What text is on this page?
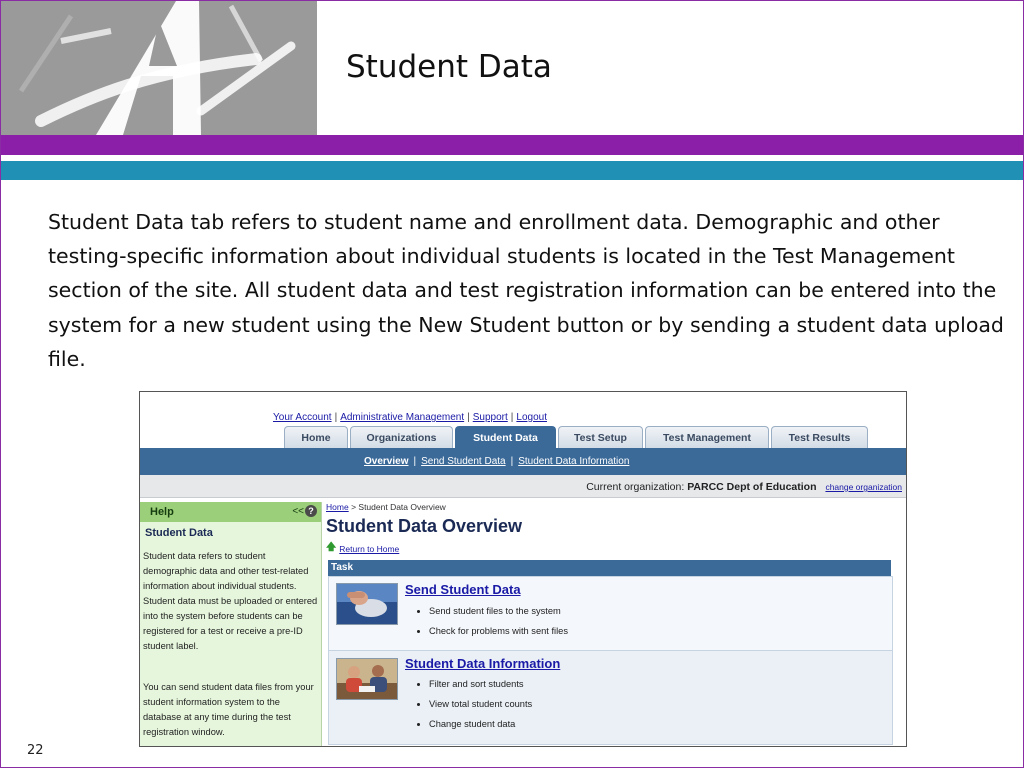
Student Data

Student Data tab refers to student name and enrollment data. Demographic and other testing-specific information about individual students is located in the Test Management section of the site. All student data and test registration information can be entered into the system for a new student using the New Student button or by sending a student data upload file.

Your Account | Administrative Management | Support | Logout
Home	Organizations	Student Data	Test Setup	Test Management	Test Results
Overview | Send Student Data | Student Data Information
Current organization: PARCC Dept of Education change organization
Help	<< ?
Student Data

Student data refers to student demographic data and other test-related information about individual students. Student data must be uploaded or entered into the system before students can be registered for a test or receive a pre-ID student label.

You can send student data files from your student information system to the database at any time during the test registration window.

Home > Student Data Overview
Student Data Overview
🡅 Return to Home
Task
Send Student Data
• Send student files to the system
• Check for problems with sent files
Student Data Information
• Filter and sort students
• View total student counts
• Change student data
22
